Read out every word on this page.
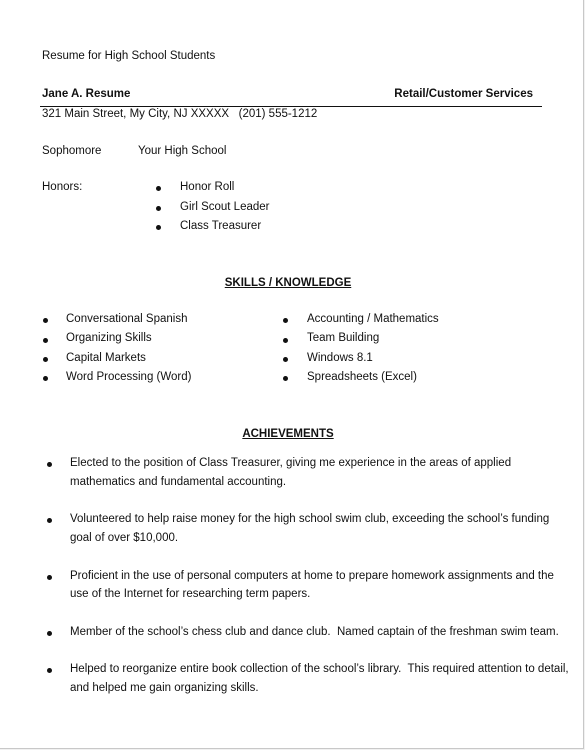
Resume for High School Students
Jane A. Resume	Retail/Customer Services
321 Main Street, My City, NJ XXXXX   (201) 555-1212
Sophomore	Your High School
Honors:	Honor Roll
Girl Scout Leader
Class Treasurer
SKILLS / KNOWLEDGE
Conversational Spanish
Organizing Skills
Capital Markets
Word Processing (Word)
Accounting / Mathematics
Team Building
Windows 8.1
Spreadsheets (Excel)
ACHIEVEMENTS
Elected to the position of Class Treasurer, giving me experience in the areas of applied
mathematics and fundamental accounting.
Volunteered to help raise money for the high school swim club, exceeding the school’s funding
goal of over $10,000.
Proficient in the use of personal computers at home to prepare homework assignments and the
use of the Internet for researching term papers.
Member of the school’s chess club and dance club.  Named captain of the freshman swim team.
Helped to reorganize entire book collection of the school’s library.  This required attention to detail,
and helped me gain organizing skills.
